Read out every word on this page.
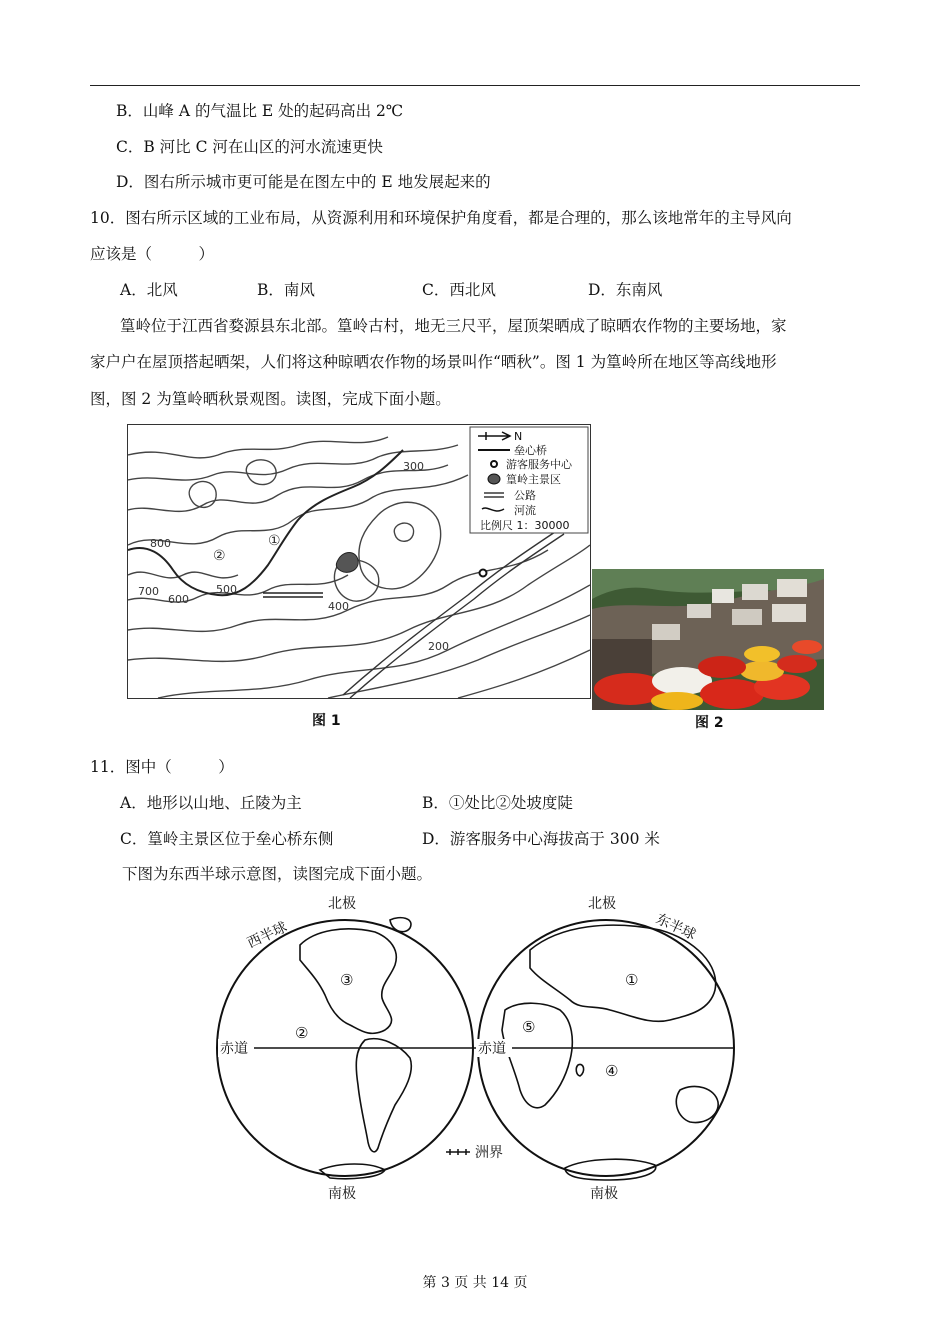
B．山峰 A 的气温比 E 处的起码高出 2℃
C．B 河比 C 河在山区的河水流速更快
D．图右所示城市更可能是在图左中的 E 地发展起来的
10．图右所示区域的工业布局，从资源利用和环境保护角度看，都是合理的，那么该地常年的主导风向
应该是（　　　）
A．北风	B．南风	C．西北风	D．东南风
篁岭位于江西省婺源县东北部。篁岭古村，地无三尺平，屋顶架晒成了晾晒农作物的主要场地，家
家户户在屋顶搭起晒架，人们将这种晾晒农作物的场景叫作“晒秋”。图 1 为篁岭所在地区等高线地形
图，图 2 为篁岭晒秋景观图。读图，完成下面小题。
300
800
700
600
500
400
200
①
②
N
垒心桥
游客服务中心
篁岭主景区
公路
河流
比例尺 1：30000
图 1	图 2
11．图中（　　　）
A．地形以山地、丘陵为主	B．①处比②处坡度陡
C．篁岭主景区位于垒心桥东侧	D．游客服务中心海拔高于 300 米
下图为东西半球示意图，读图完成下面小题。
北极	北极
南极	南极
西半球	东半球
赤道	赤道
③
②
①
⑤
④
洲界
第 3 页 共 14 页
